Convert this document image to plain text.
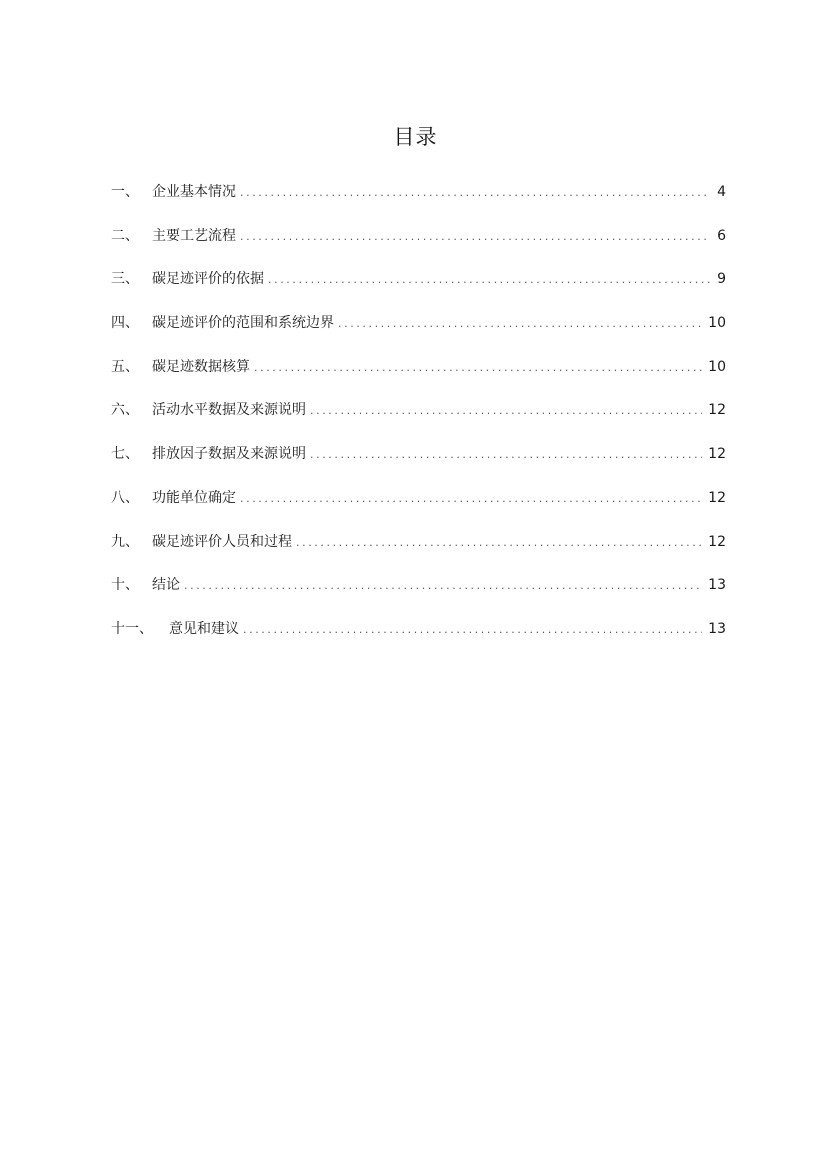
目录
一、 企业基本情况 .....	4
二、 主要工艺流程 .....	6
三、 碳足迹评价的依据 .....	9
四、 碳足迹评价的范围和系统边界 .....	10
五、 碳足迹数据核算 .....	10
六、 活动水平数据及来源说明 .....	12
七、 排放因子数据及来源说明 .....	12
八、 功能单位确定 .....	12
九、 碳足迹评价人员和过程 .....	12
十、 结论 .....	13
十一、	意见和建议 .....	13
